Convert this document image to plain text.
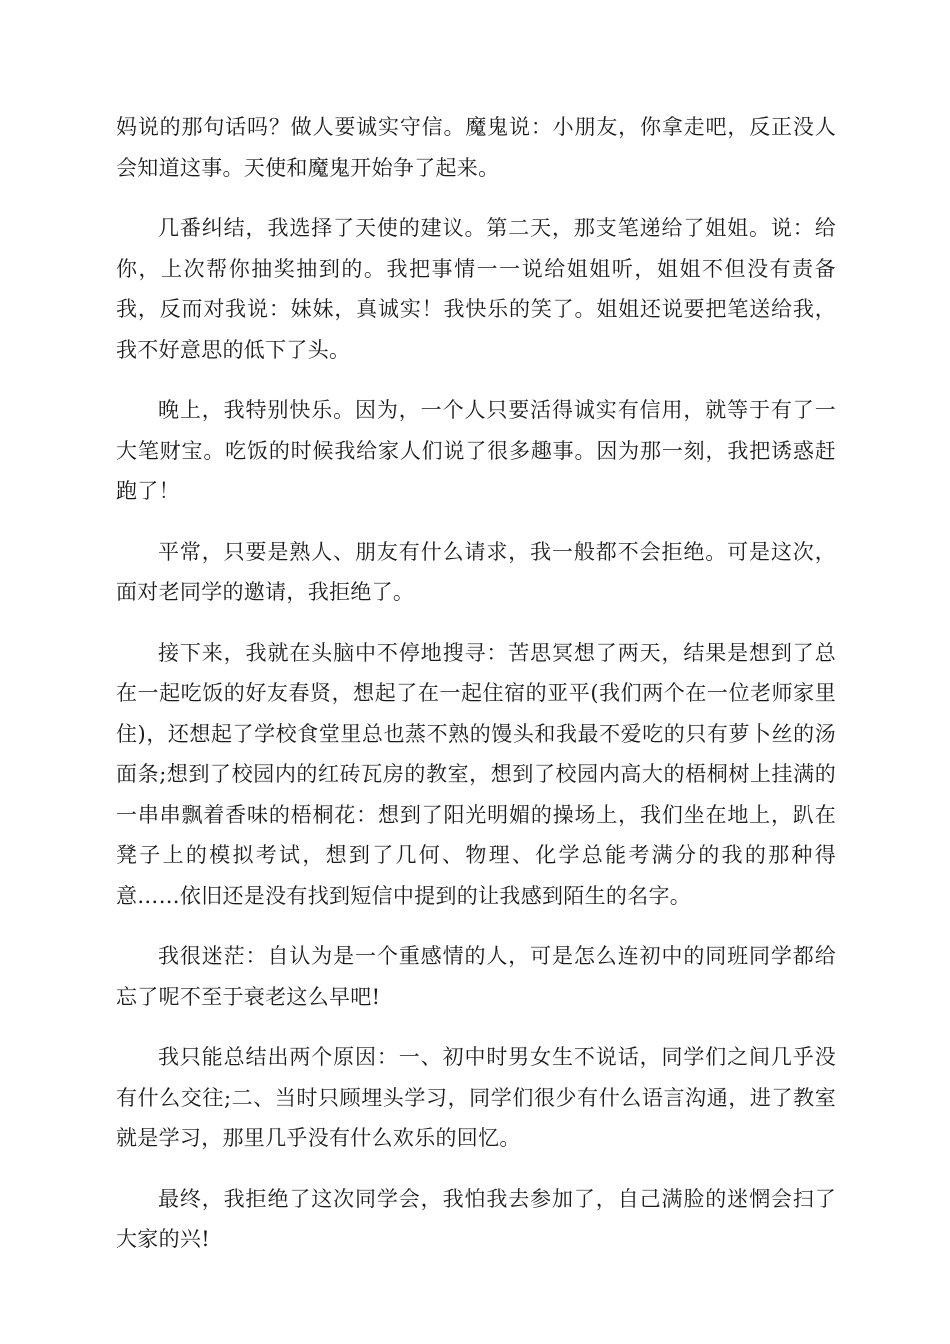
妈说的那句话吗？做人要诚实守信。魔鬼说：小朋友，你拿走吧，反正没人会知道这事。天使和魔鬼开始争了起来。

几番纠结，我选择了天使的建议。第二天，那支笔递给了姐姐。说：给你，上次帮你抽奖抽到的。我把事情一一说给姐姐听，姐姐不但没有责备我，反而对我说：妹妹，真诚实！我快乐的笑了。姐姐还说要把笔送给我，我不好意思的低下了头。

晚上，我特别快乐。因为，一个人只要活得诚实有信用，就等于有了一大笔财宝。吃饭的时候我给家人们说了很多趣事。因为那一刻，我把诱惑赶跑了！

平常，只要是熟人、朋友有什么请求，我一般都不会拒绝。可是这次，面对老同学的邀请，我拒绝了。

接下来，我就在头脑中不停地搜寻：苦思冥想了两天，结果是想到了总在一起吃饭的好友春贤，想起了在一起住宿的亚平(我们两个在一位老师家里住)，还想起了学校食堂里总也蒸不熟的馒头和我最不爱吃的只有萝卜丝的汤面条;想到了校园内的红砖瓦房的教室，想到了校园内高大的梧桐树上挂满的一串串飘着香味的梧桐花：想到了阳光明媚的操场上，我们坐在地上，趴在凳子上的模拟考试，想到了几何、物理、化学总能考满分的我的那种得意……依旧还是没有找到短信中提到的让我感到陌生的名字。

我很迷茫：自认为是一个重感情的人，可是怎么连初中的同班同学都给忘了呢不至于衰老这么早吧!

我只能总结出两个原因：一、初中时男女生不说话，同学们之间几乎没有什么交往;二、当时只顾埋头学习，同学们很少有什么语言沟通，进了教室就是学习，那里几乎没有什么欢乐的回忆。

最终，我拒绝了这次同学会，我怕我去参加了，自己满脸的迷惘会扫了大家的兴!
